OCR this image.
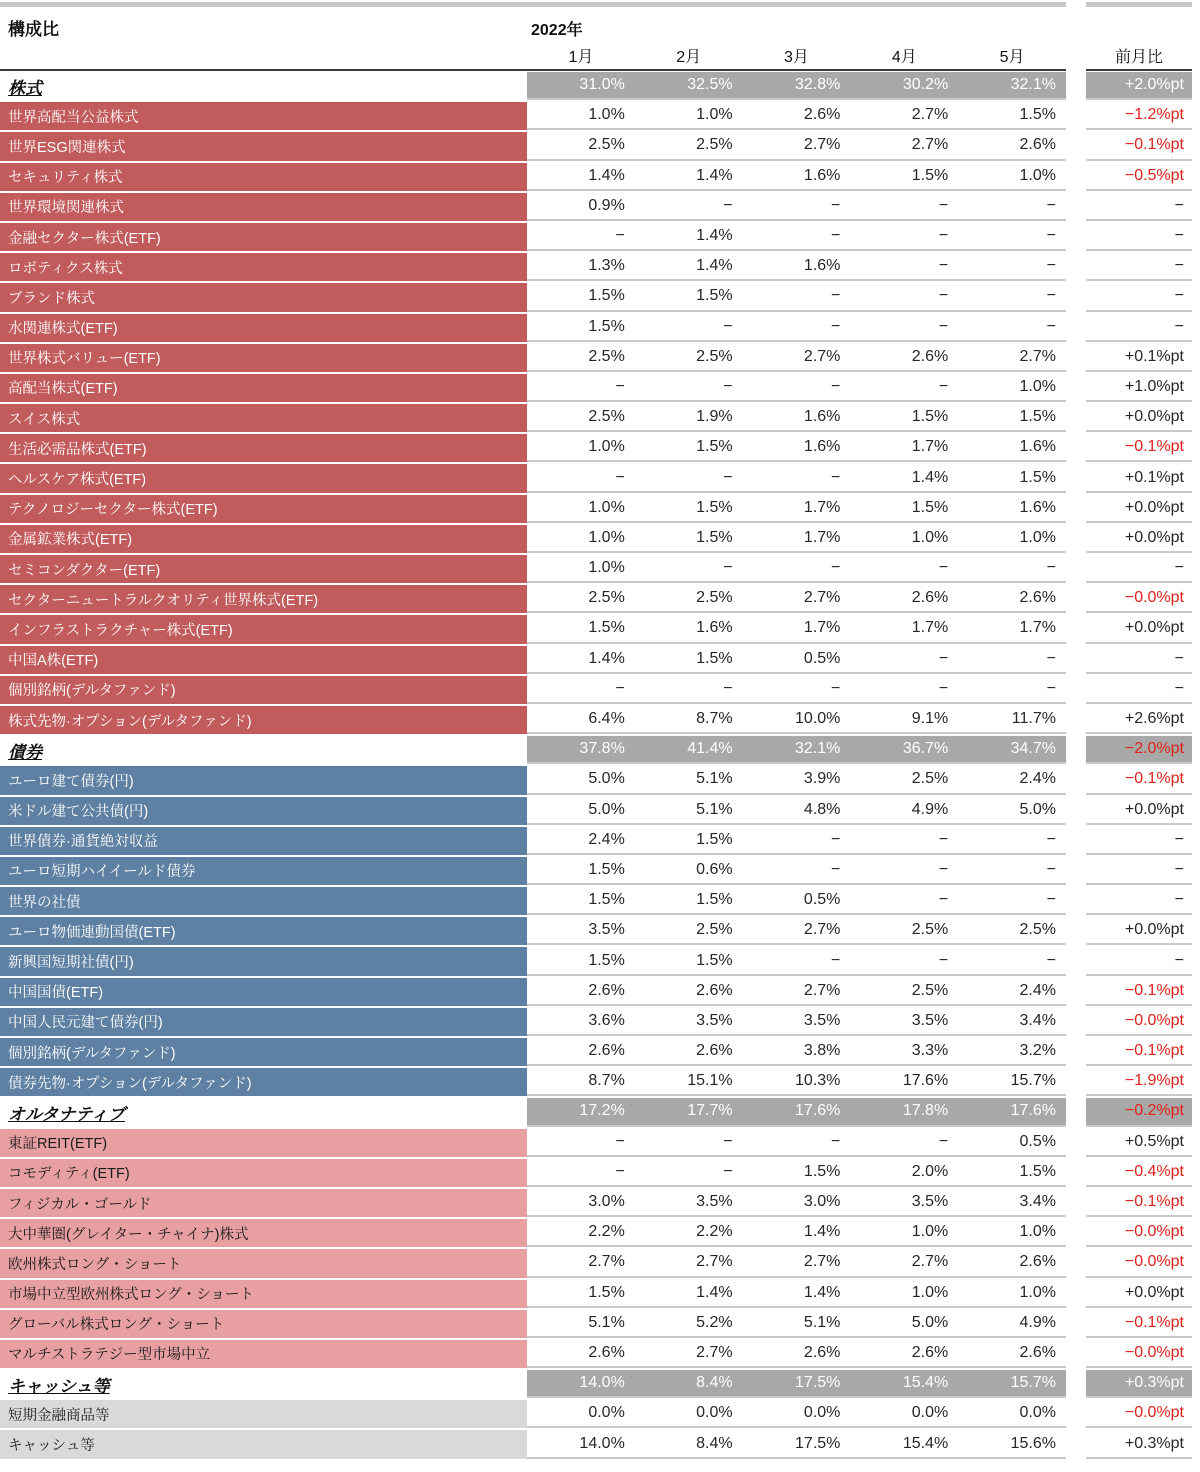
構成比	2022年
1月	2月	3月	4月	5月	前月比
株式	31.0%	32.5%	32.8%	30.2%	32.1%	+2.0%pt
世界高配当公益株式	1.0%	1.0%	2.6%	2.7%	1.5%	−1.2%pt
世界ESG関連株式	2.5%	2.5%	2.7%	2.7%	2.6%	−0.1%pt
セキュリティ株式	1.4%	1.4%	1.6%	1.5%	1.0%	−0.5%pt
世界環境関連株式	0.9%	−	−	−	−	−
金融セクター株式(ETF)	−	1.4%	−	−	−	−
ロボティクス株式	1.3%	1.4%	1.6%	−	−	−
ブランド株式	1.5%	1.5%	−	−	−	−
水関連株式(ETF)	1.5%	−	−	−	−	−
世界株式バリュー(ETF)	2.5%	2.5%	2.7%	2.6%	2.7%	+0.1%pt
高配当株式(ETF)	−	−	−	−	1.0%	+1.0%pt
スイス株式	2.5%	1.9%	1.6%	1.5%	1.5%	+0.0%pt
生活必需品株式(ETF)	1.0%	1.5%	1.6%	1.7%	1.6%	−0.1%pt
ヘルスケア株式(ETF)	−	−	−	1.4%	1.5%	+0.1%pt
テクノロジーセクター株式(ETF)	1.0%	1.5%	1.7%	1.5%	1.6%	+0.0%pt
金属鉱業株式(ETF)	1.0%	1.5%	1.7%	1.0%	1.0%	+0.0%pt
セミコンダクター(ETF)	1.0%	−	−	−	−	−
セクターニュートラルクオリティ世界株式(ETF)	2.5%	2.5%	2.7%	2.6%	2.6%	−0.0%pt
インフラストラクチャー株式(ETF)	1.5%	1.6%	1.7%	1.7%	1.7%	+0.0%pt
中国A株(ETF)	1.4%	1.5%	0.5%	−	−	−
個別銘柄(デルタファンド)	−	−	−	−	−	−
株式先物·オプション(デルタファンド)	6.4%	8.7%	10.0%	9.1%	11.7%	+2.6%pt
債券	37.8%	41.4%	32.1%	36.7%	34.7%	−2.0%pt
ユーロ建て債券(円)	5.0%	5.1%	3.9%	2.5%	2.4%	−0.1%pt
米ドル建て公共債(円)	5.0%	5.1%	4.8%	4.9%	5.0%	+0.0%pt
世界債券·通貨絶対収益	2.4%	1.5%	−	−	−	−
ユーロ短期ハイイールド債券	1.5%	0.6%	−	−	−	−
世界の社債	1.5%	1.5%	0.5%	−	−	−
ユーロ物価連動国債(ETF)	3.5%	2.5%	2.7%	2.5%	2.5%	+0.0%pt
新興国短期社債(円)	1.5%	1.5%	−	−	−	−
中国国債(ETF)	2.6%	2.6%	2.7%	2.5%	2.4%	−0.1%pt
中国人民元建て債券(円)	3.6%	3.5%	3.5%	3.5%	3.4%	−0.0%pt
個別銘柄(デルタファンド)	2.6%	2.6%	3.8%	3.3%	3.2%	−0.1%pt
債券先物·オプション(デルタファンド)	8.7%	15.1%	10.3%	17.6%	15.7%	−1.9%pt
オルタナティブ	17.2%	17.7%	17.6%	17.8%	17.6%	−0.2%pt
東証REIT(ETF)	−	−	−	−	0.5%	+0.5%pt
コモディティ(ETF)	−	−	1.5%	2.0%	1.5%	−0.4%pt
フィジカル・ゴールド	3.0%	3.5%	3.0%	3.5%	3.4%	−0.1%pt
大中華圏(グレイター・チャイナ)株式	2.2%	2.2%	1.4%	1.0%	1.0%	−0.0%pt
欧州株式ロング・ショート	2.7%	2.7%	2.7%	2.7%	2.6%	−0.0%pt
市場中立型欧州株式ロング・ショート	1.5%	1.4%	1.4%	1.0%	1.0%	+0.0%pt
グローバル株式ロング・ショート	5.1%	5.2%	5.1%	5.0%	4.9%	−0.1%pt
マルチストラテジー型市場中立	2.6%	2.7%	2.6%	2.6%	2.6%	−0.0%pt
キャッシュ等	14.0%	8.4%	17.5%	15.4%	15.7%	+0.3%pt
短期金融商品等	0.0%	0.0%	0.0%	0.0%	0.0%	−0.0%pt
キャッシュ等	14.0%	8.4%	17.5%	15.4%	15.6%	+0.3%pt
